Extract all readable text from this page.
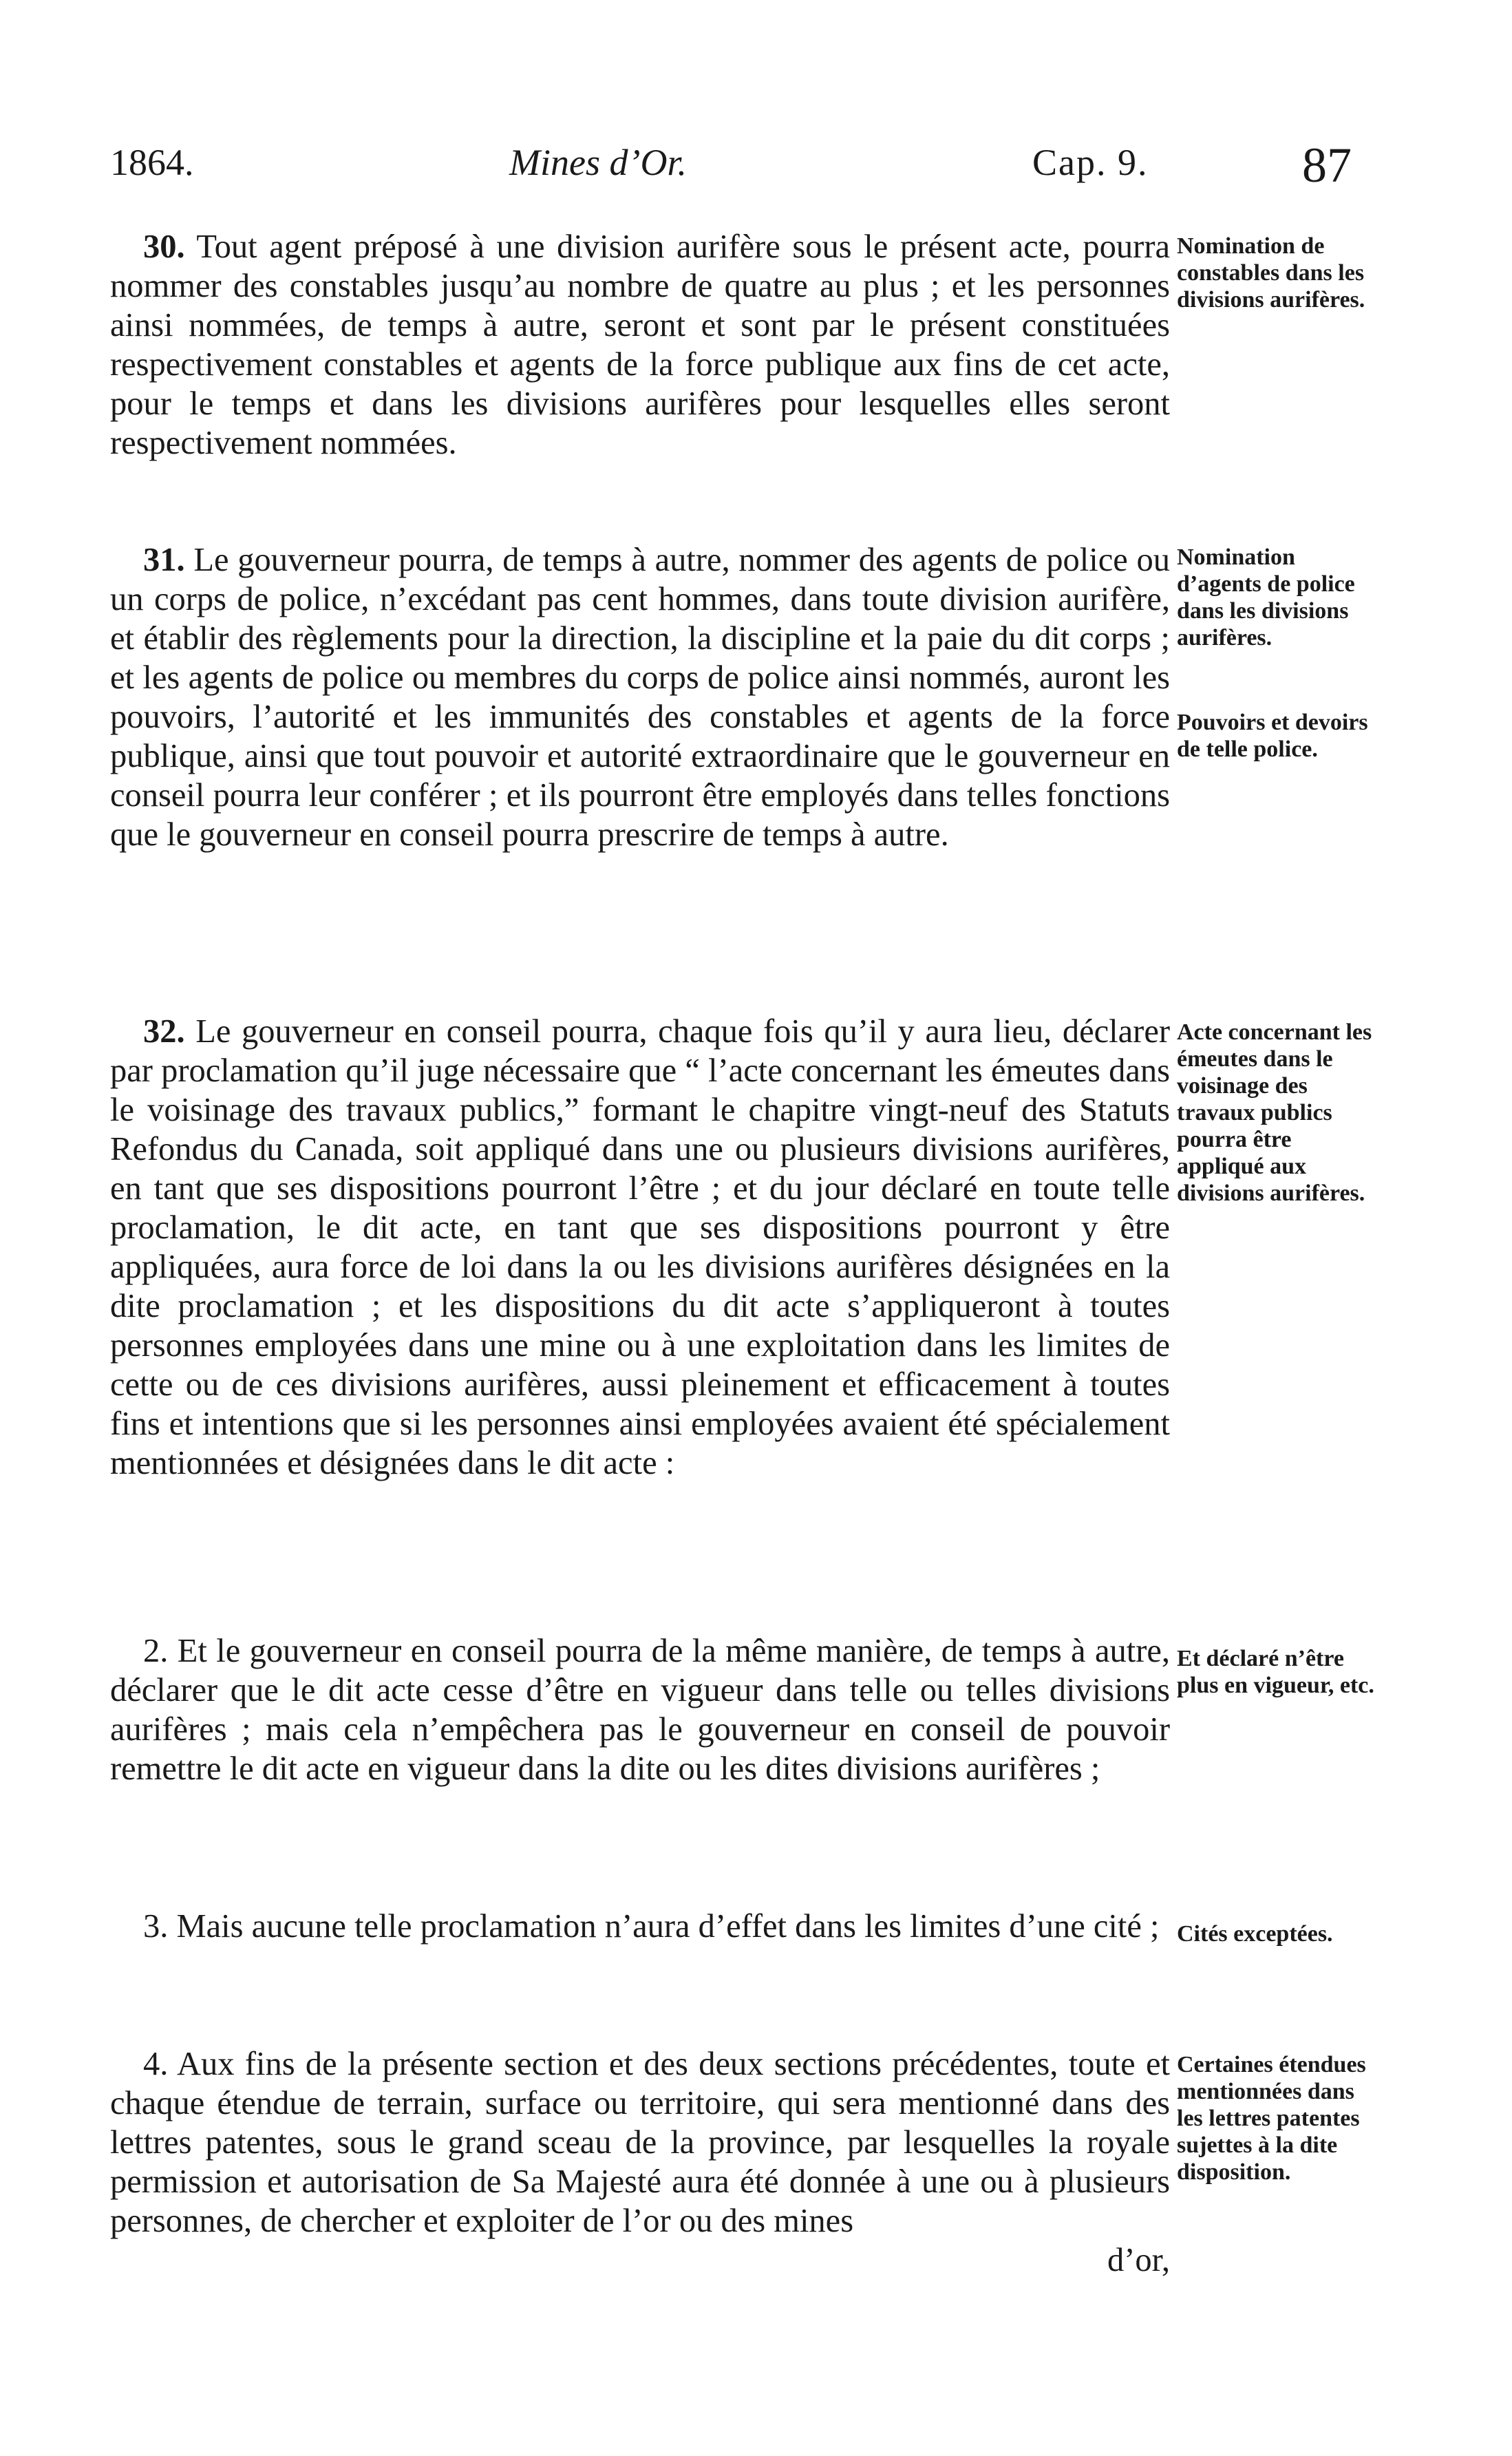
1864.	Mines d’Or.	Cap. 9.	87

30. Tout agent préposé à une division aurifère sous le présent acte, pourra nommer des constables jusqu’au nombre de quatre au plus ; et les personnes ainsi nommées, de temps à autre, seront et sont par le présent constituées respectivement constables et agents de la force publique aux fins de cet acte, pour le temps et dans les divisions aurifères pour lesquelles elles seront respectivement nommées.

31. Le gouverneur pourra, de temps à autre, nommer des agents de police ou un corps de police, n’excédant pas cent hommes, dans toute division aurifère, et établir des règlements pour la direction, la discipline et la paie du dit corps ; et les agents de police ou membres du corps de police ainsi nommés, auront les pouvoirs, l’autorité et les immunités des constables et agents de la force publique, ainsi que tout pouvoir et autorité extraordinaire que le gouverneur en conseil pourra leur conférer ; et ils pourront être employés dans telles fonctions que le gouverneur en conseil pourra prescrire de temps à autre.

32. Le gouverneur en conseil pourra, chaque fois qu’il y aura lieu, déclarer par proclamation qu’il juge nécessaire que “ l’acte concernant les émeutes dans le voisinage des travaux publics,” formant le chapitre vingt-neuf des Statuts Refondus du Canada, soit appliqué dans une ou plusieurs divisions aurifères, en tant que ses dispositions pourront l’être ; et du jour déclaré en toute telle proclamation, le dit acte, en tant que ses dispositions pourront y être appliquées, aura force de loi dans la ou les divisions aurifères désignées en la dite proclamation ; et les dispositions du dit acte s’appliqueront à toutes personnes employées dans une mine ou à une exploitation dans les limites de cette ou de ces divisions aurifères, aussi pleinement et efficacement à toutes fins et intentions que si les personnes ainsi employées avaient été spécialement mentionnées et désignées dans le dit acte :

2. Et le gouverneur en conseil pourra de la même manière, de temps à autre, déclarer que le dit acte cesse d’être en vigueur dans telle ou telles divisions aurifères ; mais cela n’empêchera pas le gouverneur en conseil de pouvoir remettre le dit acte en vigueur dans la dite ou les dites divisions aurifères ;

3. Mais aucune telle proclamation n’aura d’effet dans les limites d’une cité ;

4. Aux fins de la présente section et des deux sections précédentes, toute et chaque étendue de terrain, surface ou territoire, qui sera mentionné dans des lettres patentes, sous le grand sceau de la province, par lesquelles la royale permission et autorisation de Sa Majesté aura été donnée à une ou à plusieurs personnes, de chercher et exploiter de l’or ou des mines

d’or,
Nomination de constables dans les divisions aurifères.
Nomination d’agents de police dans les divisions aurifères.
Pouvoirs et devoirs de telle police.
Acte concernant les émeutes dans le voisinage des travaux publics pourra être appliqué aux divisions aurifères.
Et déclaré n’être plus en vigueur, etc.
Cités exceptées.
Certaines étendues mentionnées dans les lettres patentes sujettes à la dite disposition.
